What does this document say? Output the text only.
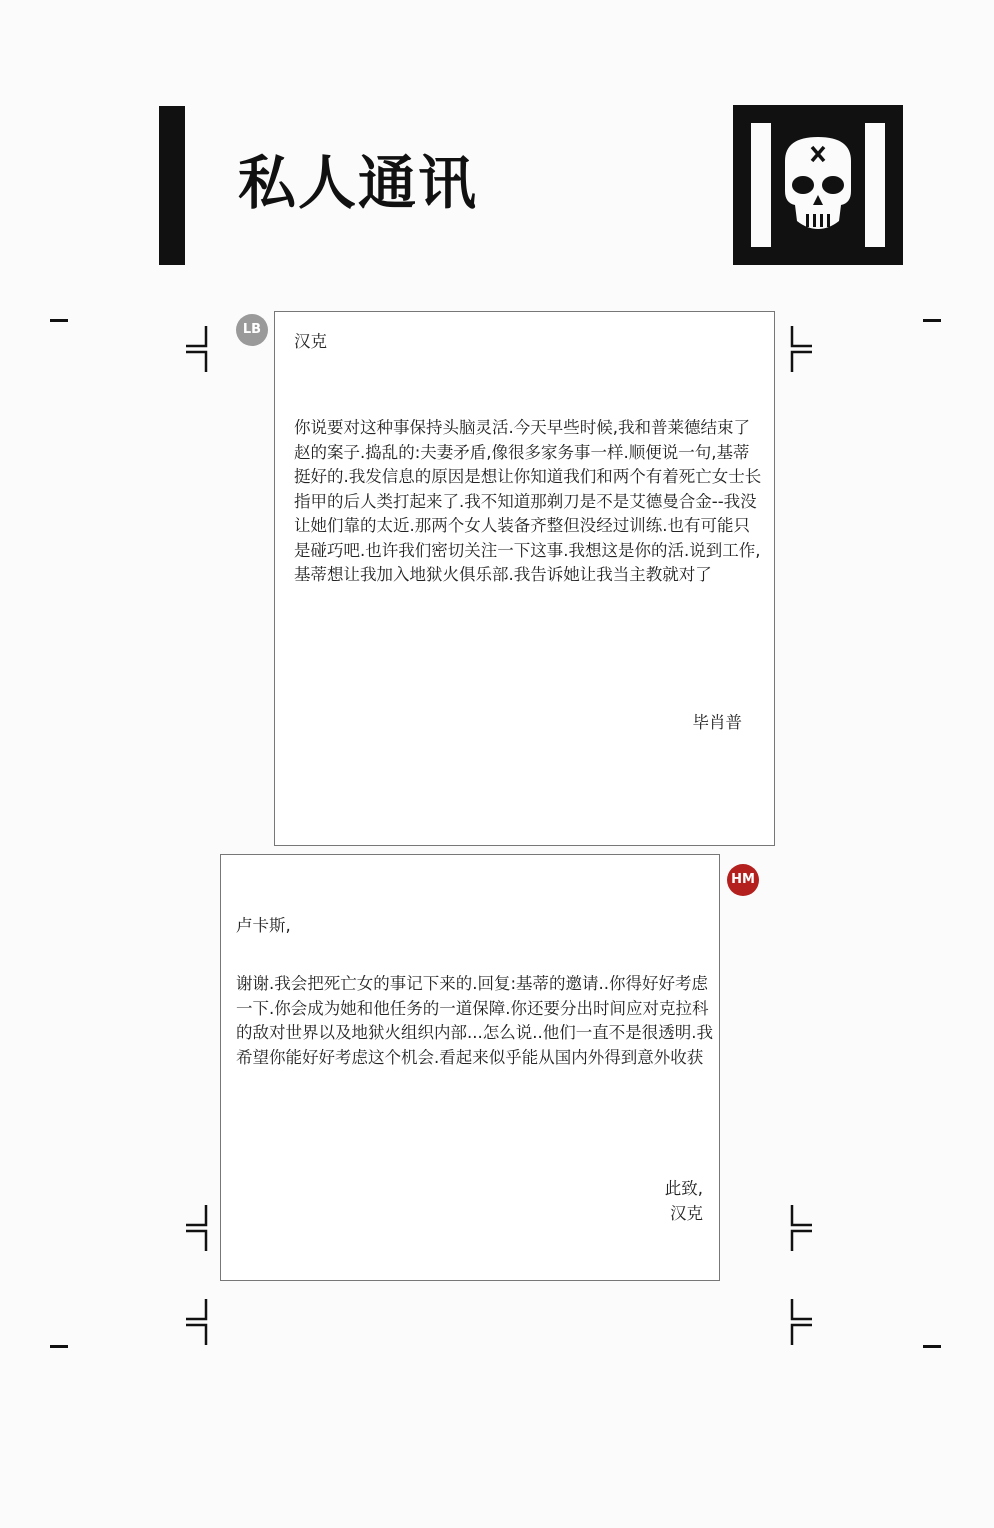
私人通讯
LB

汉克

你说要对这种事保持头脑灵活.今天早些时候,我和普莱德结束了赵的案子.捣乱的:夫妻矛盾,像很多家务事一样.顺便说一句,基蒂挺好的.我发信息的原因是想让你知道我们和两个有着死亡女士长指甲的后人类打起来了.我不知道那剃刀是不是艾德曼合金--我没让她们靠的太近.那两个女人装备齐整但没经过训练.也有可能只是碰巧吧.也许我们密切关注一下这事.我想这是你的活.说到工作,基蒂想让我加入地狱火俱乐部.我告诉她让我当主教就对了

毕肖普

卢卡斯,

谢谢.我会把死亡女的事记下来的.回复:基蒂的邀请..你得好好考虑一下.你会成为她和他任务的一道保障.你还要分出时间应对克拉科的敌对世界以及地狱火组织内部...怎么说..他们一直不是很透明.我希望你能好好考虑这个机会.看起来似乎能从国内外得到意外收获

此致,

汉克

HM
